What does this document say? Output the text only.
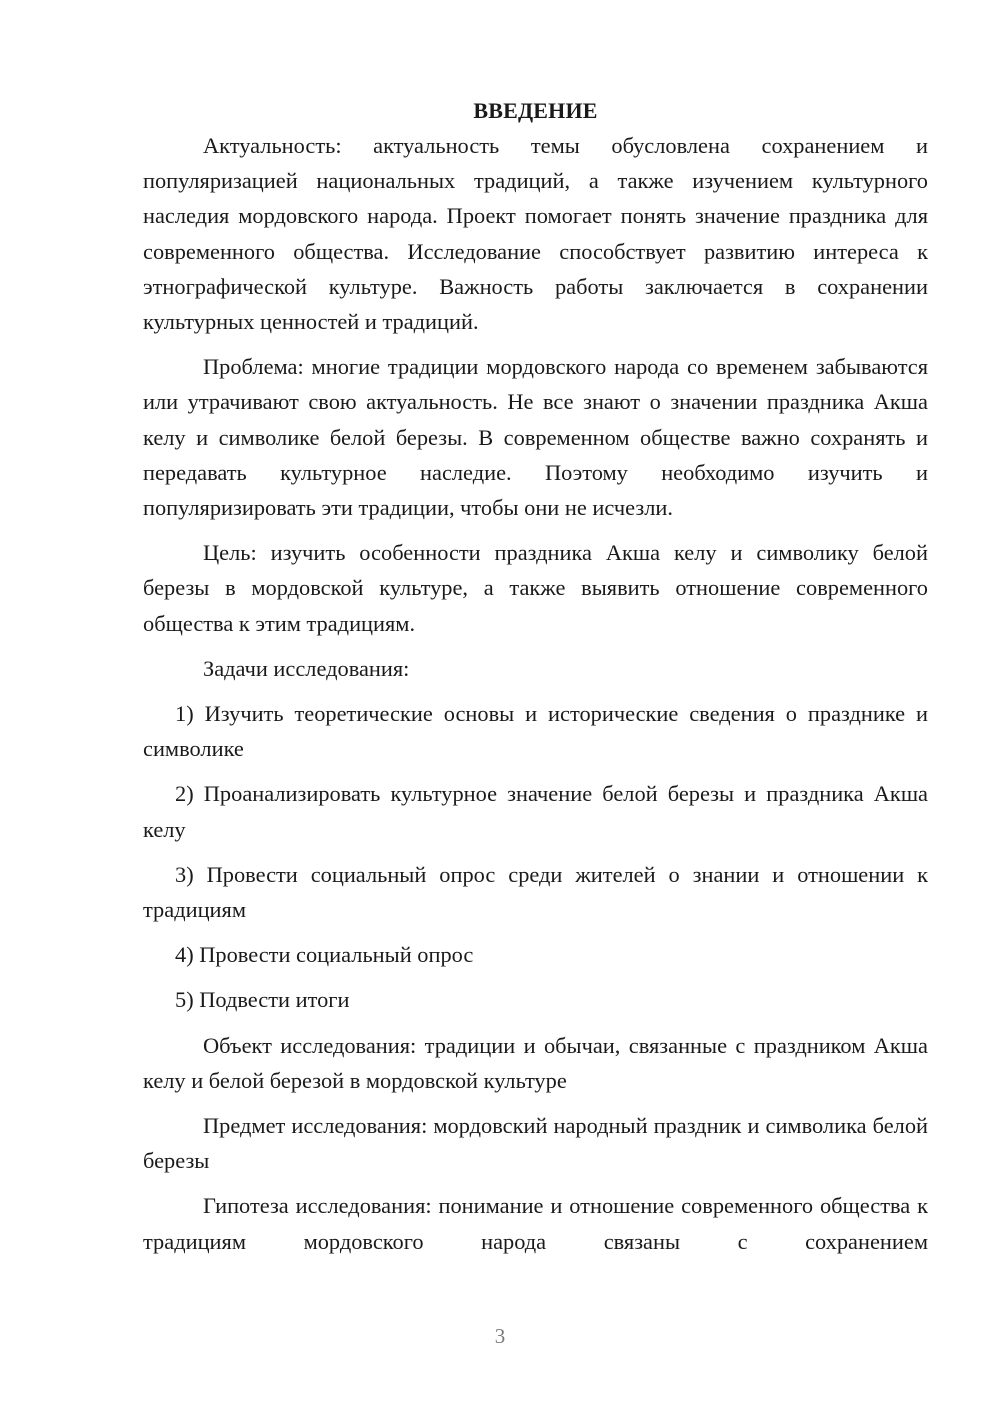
ВВЕДЕНИЕ

Актуальность: актуальность темы обусловлена сохранением и популяризацией национальных традиций, а также изучением культурного наследия мордовского народа. Проект помогает понять значение праздника для современного общества. Исследование способствует развитию интереса к этнографической культуре. Важность работы заключается в сохранении культурных ценностей и традиций.

Проблема: многие традиции мордовского народа со временем забываются или утрачивают свою актуальность. Не все знают о значении праздника Акша келу и символике белой березы. В современном обществе важно сохранять и передавать культурное наследие. Поэтому необходимо изучить и популяризировать эти традиции, чтобы они не исчезли.

Цель: изучить особенности праздника Акша келу и символику белой березы в мордовской культуре, а также выявить отношение современного общества к этим традициям.

Задачи исследования:

1) Изучить теоретические основы и исторические сведения о празднике и символике

2) Проанализировать культурное значение белой березы и праздника Акша келу

3) Провести социальный опрос среди жителей о знании и отношении к традициям

4) Провести социальный опрос

5) Подвести итоги

Объект исследования: традиции и обычаи, связанные с праздником Акша келу и белой березой в мордовской культуре

Предмет исследования: мордовский народный праздник и символика белой березы

Гипотеза исследования: понимание и отношение современного общества к традициям мордовского народа связаны с сохранением

3
